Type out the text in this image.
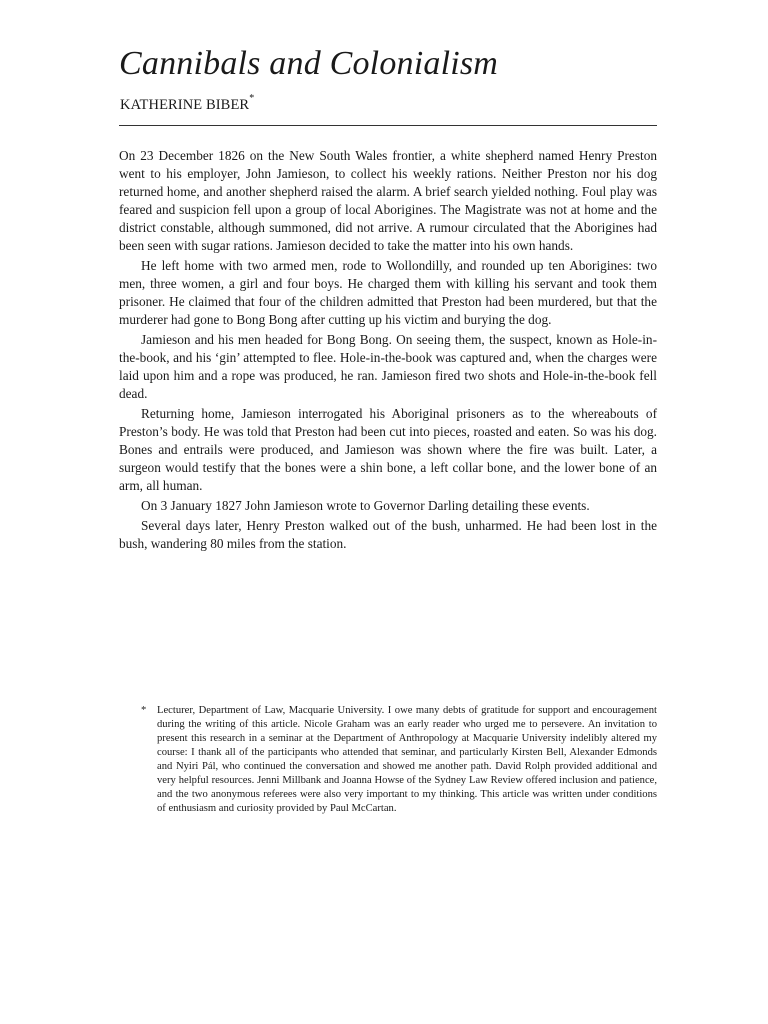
Cannibals and Colonialism
KATHERINE BIBER*

On 23 December 1826 on the New South Wales frontier, a white shepherd named Henry Preston went to his employer, John Jamieson, to collect his weekly rations. Neither Preston nor his dog returned home, and another shepherd raised the alarm. A brief search yielded nothing. Foul play was feared and suspicion fell upon a group of local Aborigines. The Magistrate was not at home and the district constable, although summoned, did not arrive. A rumour circulated that the Aborigines had been seen with sugar rations. Jamieson decided to take the matter into his own hands.

He left home with two armed men, rode to Wollondilly, and rounded up ten Aborigines: two men, three women, a girl and four boys. He charged them with killing his servant and took them prisoner. He claimed that four of the children admitted that Preston had been murdered, but that the murderer had gone to Bong Bong after cutting up his victim and burying the dog.

Jamieson and his men headed for Bong Bong. On seeing them, the suspect, known as Hole-in-the-book, and his ‘gin’ attempted to flee. Hole-in-the-book was captured and, when the charges were laid upon him and a rope was produced, he ran. Jamieson fired two shots and Hole-in-the-book fell dead.

Returning home, Jamieson interrogated his Aboriginal prisoners as to the whereabouts of Preston’s body. He was told that Preston had been cut into pieces, roasted and eaten. So was his dog. Bones and entrails were produced, and Jamieson was shown where the fire was built. Later, a surgeon would testify that the bones were a shin bone, a left collar bone, and the lower bone of an arm, all human.

On 3 January 1827 John Jamieson wrote to Governor Darling detailing these events.

Several days later, Henry Preston walked out of the bush, unharmed. He had been lost in the bush, wandering 80 miles from the station.

*	Lecturer, Department of Law, Macquarie University. I owe many debts of gratitude for support and encouragement during the writing of this article. Nicole Graham was an early reader who urged me to persevere. An invitation to present this research in a seminar at the Department of Anthropology at Macquarie University indelibly altered my course: I thank all of the participants who attended that seminar, and particularly Kirsten Bell, Alexander Edmonds and Nyiri Pál, who continued the conversation and showed me another path. David Rolph provided additional and very helpful resources. Jenni Millbank and Joanna Howse of the Sydney Law Review offered inclusion and patience, and the two anonymous referees were also very important to my thinking. This article was written under conditions of enthusiasm and curiosity provided by Paul McCartan.
